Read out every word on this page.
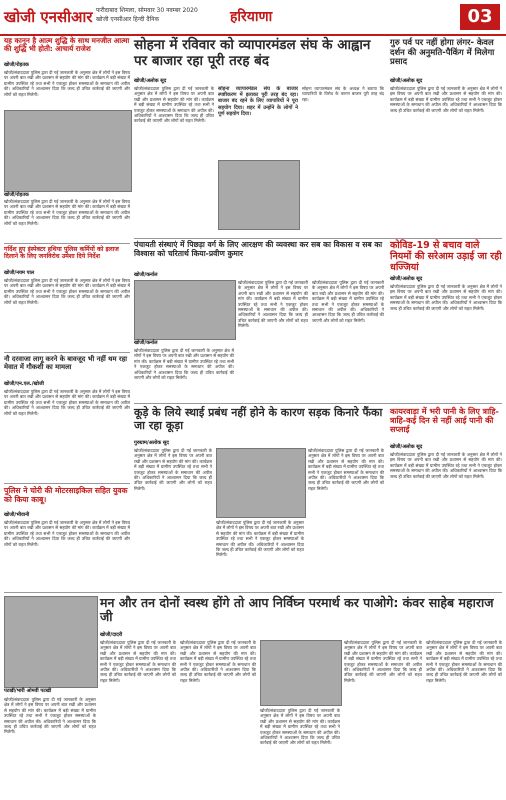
खोजी एनसीआर फरीदाबाद शिमला, सोमवार 30 नवम्बर 2020
खोजी एनसीआर हिन्दी दैनिक	हरियाणा	03
यह कानून है आत्म शुद्धि के साथ मनजीत आत्मा की शुद्धि भी होती: आचार्य राजेश
खोजी/रोहतक
खोजी/संवाददाता पुलिस द्वारा दी गई जानकारी के अनुसार क्षेत्र में लोगों ने इस विषय पर अपनी बात रखी और प्रशासन से सहयोग की मांग की। कार्यक्रम में बड़ी संख्या में ग्रामीण उपस्थित रहे तथा सभी ने एकजुट होकर समस्याओं के समाधान की अपील की। अधिकारियों ने आश्वासन दिया कि जल्द ही उचित कार्रवाई की जाएगी और लोगों को राहत मिलेगी।
खोजी/रोहतक
खोजी/संवाददाता पुलिस द्वारा दी गई जानकारी के अनुसार क्षेत्र में लोगों ने इस विषय पर अपनी बात रखी और प्रशासन से सहयोग की मांग की। कार्यक्रम में बड़ी संख्या में ग्रामीण उपस्थित रहे तथा सभी ने एकजुट होकर समस्याओं के समाधान की अपील की। अधिकारियों ने आश्वासन दिया कि जल्द ही उचित कार्रवाई की जाएगी और लोगों को राहत मिलेगी।
गर्दिश हुए इंस्पेक्टर हथिया पुलिस कर्मियों को इलाज दिलाने के लिए जनविरोध उमेशा दिये निर्देश
खोजी/नयम पाल
खोजी/संवाददाता पुलिस द्वारा दी गई जानकारी के अनुसार क्षेत्र में लोगों ने इस विषय पर अपनी बात रखी और प्रशासन से सहयोग की मांग की। कार्यक्रम में बड़ी संख्या में ग्रामीण उपस्थित रहे तथा सभी ने एकजुट होकर समस्याओं के समाधान की अपील की। अधिकारियों ने आश्वासन दिया कि जल्द ही उचित कार्रवाई की जाएगी और लोगों को राहत मिलेगी।
सोहना में रविवार को व्यापारमंडल संघ के आह्वान पर बाजार रहा पूरी तरह बंद
खोजी/अलोक सूद
खोजी/संवाददाता पुलिस द्वारा दी गई जानकारी के अनुसार क्षेत्र में लोगों ने इस विषय पर अपनी बात रखी और प्रशासन से सहयोग की मांग की। कार्यक्रम में बड़ी संख्या में ग्रामीण उपस्थित रहे तथा सभी ने एकजुट होकर समस्याओं के समाधान की अपील की। अधिकारियों ने आश्वासन दिया कि जल्द ही उचित कार्रवाई की जाएगी और लोगों को राहत मिलेगी।
सोहना व्यापारमंडल संघ के बाजार स्पष्टीकरण में इलाका पूरी तरह बंद रहा। बाजार बंद रहने के लिए व्यापारियों ने पूरा सहयोग दिया। शहर में उन्होंने के लोगों ने पूर्ण सहयोग दिया।
सोहना व्यापारमंडल संघ के अध्यक्ष ने बताया कि व्यापारियों के विरोध के कारण बाजार पूरी तरह बंद रहा।
गुरु पर्व पर नहीं होगा लंगर- केवल दर्शन की अनुमति-पैकिंग में मिलेगा प्रसाद
खोजी/अलोक सूद
खोजी/संवाददाता पुलिस द्वारा दी गई जानकारी के अनुसार क्षेत्र में लोगों ने इस विषय पर अपनी बात रखी और प्रशासन से सहयोग की मांग की। कार्यक्रम में बड़ी संख्या में ग्रामीण उपस्थित रहे तथा सभी ने एकजुट होकर समस्याओं के समाधान की अपील की। अधिकारियों ने आश्वासन दिया कि जल्द ही उचित कार्रवाई की जाएगी और लोगों को राहत मिलेगी।
पंचायती संस्थाएं में पिछड़ा वर्ग के लिए आरक्षण की व्यवस्था कर सब का विकास व सब का विश्वास को चरितार्थ किया-प्रवीण कुमार
खोजी/कर्नाल
खोजी/कर्नाल
खोजी/संवाददाता पुलिस द्वारा दी गई जानकारी के अनुसार क्षेत्र में लोगों ने इस विषय पर अपनी बात रखी और प्रशासन से सहयोग की मांग की। कार्यक्रम में बड़ी संख्या में ग्रामीण उपस्थित रहे तथा सभी ने एकजुट होकर समस्याओं के समाधान की अपील की। अधिकारियों ने आश्वासन दिया कि जल्द ही उचित कार्रवाई की जाएगी और लोगों को राहत मिलेगी।
खोजी/संवाददाता पुलिस द्वारा दी गई जानकारी के अनुसार क्षेत्र में लोगों ने इस विषय पर अपनी बात रखी और प्रशासन से सहयोग की मांग की। कार्यक्रम में बड़ी संख्या में ग्रामीण उपस्थित रहे तथा सभी ने एकजुट होकर समस्याओं के समाधान की अपील की। अधिकारियों ने आश्वासन दिया कि जल्द ही उचित कार्रवाई की जाएगी और लोगों को राहत मिलेगी।
खोजी/संवाददाता पुलिस द्वारा दी गई जानकारी के अनुसार क्षेत्र में लोगों ने इस विषय पर अपनी बात रखी और प्रशासन से सहयोग की मांग की। कार्यक्रम में बड़ी संख्या में ग्रामीण उपस्थित रहे तथा सभी ने एकजुट होकर समस्याओं के समाधान की अपील की। अधिकारियों ने आश्वासन दिया कि जल्द ही उचित कार्रवाई की जाएगी और लोगों को राहत मिलेगी।
कोविड-19 से बचाव वाले नियमों की सरेआम उड़ाई जा रही धज्जियां
खोजी/अलोक सूद
खोजी/संवाददाता पुलिस द्वारा दी गई जानकारी के अनुसार क्षेत्र में लोगों ने इस विषय पर अपनी बात रखी और प्रशासन से सहयोग की मांग की। कार्यक्रम में बड़ी संख्या में ग्रामीण उपस्थित रहे तथा सभी ने एकजुट होकर समस्याओं के समाधान की अपील की। अधिकारियों ने आश्वासन दिया कि जल्द ही उचित कार्रवाई की जाएगी और लोगों को राहत मिलेगी।
नौ दरवाजा लागू करने के बावजूद भी नहीं थम रहा मेवात में गौकशी का मामला
खोजी/एन.एल./खोजी
खोजी/संवाददाता पुलिस द्वारा दी गई जानकारी के अनुसार क्षेत्र में लोगों ने इस विषय पर अपनी बात रखी और प्रशासन से सहयोग की मांग की। कार्यक्रम में बड़ी संख्या में ग्रामीण उपस्थित रहे तथा सभी ने एकजुट होकर समस्याओं के समाधान की अपील की। अधिकारियों ने आश्वासन दिया कि जल्द ही उचित कार्रवाई की जाएगी और लोगों को राहत मिलेगी।	कूड़े के लिये स्थाई प्रबंध नहीं होने के कारण सड़क किनारे फैंका जा रहा कूड़ा
गुरुग्राम/अलोक सूद
खोजी/संवाददाता पुलिस द्वारा दी गई जानकारी के अनुसार क्षेत्र में लोगों ने इस विषय पर अपनी बात रखी और प्रशासन से सहयोग की मांग की। कार्यक्रम में बड़ी संख्या में ग्रामीण उपस्थित रहे तथा सभी ने एकजुट होकर समस्याओं के समाधान की अपील की। अधिकारियों ने आश्वासन दिया कि जल्द ही उचित कार्रवाई की जाएगी और लोगों को राहत मिलेगी।
खोजी/संवाददाता पुलिस द्वारा दी गई जानकारी के अनुसार क्षेत्र में लोगों ने इस विषय पर अपनी बात रखी और प्रशासन से सहयोग की मांग की। कार्यक्रम में बड़ी संख्या में ग्रामीण उपस्थित रहे तथा सभी ने एकजुट होकर समस्याओं के समाधान की अपील की। अधिकारियों ने आश्वासन दिया कि जल्द ही उचित कार्रवाई की जाएगी और लोगों को राहत मिलेगी।
खोजी/संवाददाता पुलिस द्वारा दी गई जानकारी के अनुसार क्षेत्र में लोगों ने इस विषय पर अपनी बात रखी और प्रशासन से सहयोग की मांग की। कार्यक्रम में बड़ी संख्या में ग्रामीण उपस्थित रहे तथा सभी ने एकजुट होकर समस्याओं के समाधान की अपील की। अधिकारियों ने आश्वासन दिया कि जल्द ही उचित कार्रवाई की जाएगी और लोगों को राहत मिलेगी।
कायरवाड़ा में भरी पानी के लिए त्राहि-त्राहि-कई दिन से नहीं आई पानी की सप्लाई
खोजी/अलोक सूद
खोजी/संवाददाता पुलिस द्वारा दी गई जानकारी के अनुसार क्षेत्र में लोगों ने इस विषय पर अपनी बात रखी और प्रशासन से सहयोग की मांग की। कार्यक्रम में बड़ी संख्या में ग्रामीण उपस्थित रहे तथा सभी ने एकजुट होकर समस्याओं के समाधान की अपील की। अधिकारियों ने आश्वासन दिया कि जल्द ही उचित कार्रवाई की जाएगी और लोगों को राहत मिलेगी।
पुलिस ने चोरी की मोटरसाइकिल सहित युवक को किया काबू।
खोजी/भीवानी
खोजी/संवाददाता पुलिस द्वारा दी गई जानकारी के अनुसार क्षेत्र में लोगों ने इस विषय पर अपनी बात रखी और प्रशासन से सहयोग की मांग की। कार्यक्रम में बड़ी संख्या में ग्रामीण उपस्थित रहे तथा सभी ने एकजुट होकर समस्याओं के समाधान की अपील की। अधिकारियों ने आश्वासन दिया कि जल्द ही उचित कार्रवाई की जाएगी और लोगों को राहत मिलेगी।
मन और तन दोनों स्वस्थ होंगे तो आप निर्विघ्न परमार्थ कर पाओगे: कंवर साहेब महाराज जी
पटखी/भारी ओमवी पटखी
खोजी/संवाददाता पुलिस द्वारा दी गई जानकारी के अनुसार क्षेत्र में लोगों ने इस विषय पर अपनी बात रखी और प्रशासन से सहयोग की मांग की। कार्यक्रम में बड़ी संख्या में ग्रामीण उपस्थित रहे तथा सभी ने एकजुट होकर समस्याओं के समाधान की अपील की। अधिकारियों ने आश्वासन दिया कि जल्द ही उचित कार्रवाई की जाएगी और लोगों को राहत मिलेगी।
खोजी/दादरी
खोजी/संवाददाता पुलिस द्वारा दी गई जानकारी के अनुसार क्षेत्र में लोगों ने इस विषय पर अपनी बात रखी और प्रशासन से सहयोग की मांग की। कार्यक्रम में बड़ी संख्या में ग्रामीण उपस्थित रहे तथा सभी ने एकजुट होकर समस्याओं के समाधान की अपील की। अधिकारियों ने आश्वासन दिया कि जल्द ही उचित कार्रवाई की जाएगी और लोगों को राहत मिलेगी।
खोजी/संवाददाता पुलिस द्वारा दी गई जानकारी के अनुसार क्षेत्र में लोगों ने इस विषय पर अपनी बात रखी और प्रशासन से सहयोग की मांग की। कार्यक्रम में बड़ी संख्या में ग्रामीण उपस्थित रहे तथा सभी ने एकजुट होकर समस्याओं के समाधान की अपील की। अधिकारियों ने आश्वासन दिया कि जल्द ही उचित कार्रवाई की जाएगी और लोगों को राहत मिलेगी।
खोजी/संवाददाता पुलिस द्वारा दी गई जानकारी के अनुसार क्षेत्र में लोगों ने इस विषय पर अपनी बात रखी और प्रशासन से सहयोग की मांग की। कार्यक्रम में बड़ी संख्या में ग्रामीण उपस्थित रहे तथा सभी ने एकजुट होकर समस्याओं के समाधान की अपील की। अधिकारियों ने आश्वासन दिया कि जल्द ही उचित कार्रवाई की जाएगी और लोगों को राहत मिलेगी।
खोजी/संवाददाता पुलिस द्वारा दी गई जानकारी के अनुसार क्षेत्र में लोगों ने इस विषय पर अपनी बात रखी और प्रशासन से सहयोग की मांग की। कार्यक्रम में बड़ी संख्या में ग्रामीण उपस्थित रहे तथा सभी ने एकजुट होकर समस्याओं के समाधान की अपील की। अधिकारियों ने आश्वासन दिया कि जल्द ही उचित कार्रवाई की जाएगी और लोगों को राहत मिलेगी।
खोजी/संवाददाता पुलिस द्वारा दी गई जानकारी के अनुसार क्षेत्र में लोगों ने इस विषय पर अपनी बात रखी और प्रशासन से सहयोग की मांग की। कार्यक्रम में बड़ी संख्या में ग्रामीण उपस्थित रहे तथा सभी ने एकजुट होकर समस्याओं के समाधान की अपील की। अधिकारियों ने आश्वासन दिया कि जल्द ही उचित कार्रवाई की जाएगी और लोगों को राहत मिलेगी।
